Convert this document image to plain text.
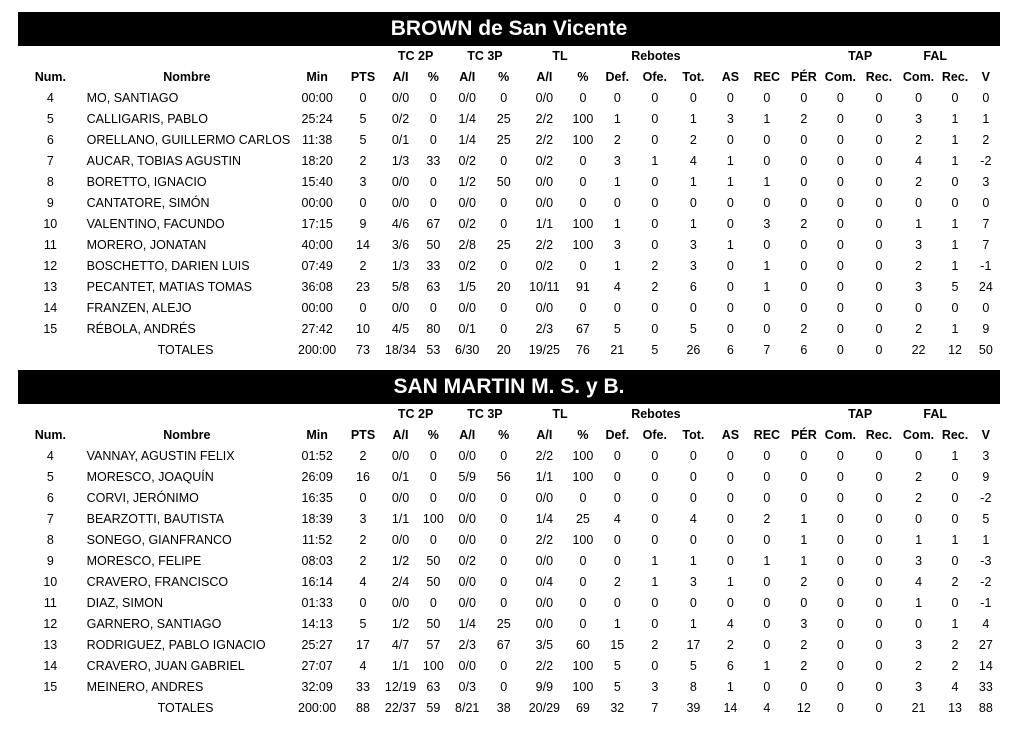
BROWN de San Vicente
				TC 2P		TC 3P		TL		Rebotes						TAP		FAL		
Num.	Nombre	Min	PTS	A/I	%	A/I	%	A/I	%	Def.	Ofe.	Tot.	AS	REC	PÉR	Com.	Rec.	Com.	Rec.	V
4	MO, SANTIAGO	00:00	0	0/0	0	0/0	0	0/0	0	0	0	0	0	0	0	0	0	0	0	0
5	CALLIGARIS, PABLO	25:24	5	0/2	0	1/4	25	2/2	100	1	0	1	3	1	2	0	0	3	1	1
6	ORELLANO, GUILLERMO CARLOS	11:38	5	0/1	0	1/4	25	2/2	100	2	0	2	0	0	0	0	0	2	1	2
7	AUCAR, TOBIAS AGUSTIN	18:20	2	1/3	33	0/2	0	0/2	0	3	1	4	1	0	0	0	0	4	1	-2
8	BORETTO, IGNACIO	15:40	3	0/0	0	1/2	50	0/0	0	1	0	1	1	1	0	0	0	2	0	3
9	CANTATORE, SIMÓN	00:00	0	0/0	0	0/0	0	0/0	0	0	0	0	0	0	0	0	0	0	0	0
10	VALENTINO, FACUNDO	17:15	9	4/6	67	0/2	0	1/1	100	1	0	1	0	3	2	0	0	1	1	7
11	MORERO, JONATAN	40:00	14	3/6	50	2/8	25	2/2	100	3	0	3	1	0	0	0	0	3	1	7
12	BOSCHETTO, DARIEN LUIS	07:49	2	1/3	33	0/2	0	0/2	0	1	2	3	0	1	0	0	0	2	1	-1
13	PECANTET, MATIAS TOMAS	36:08	23	5/8	63	1/5	20	10/11	91	4	2	6	0	1	0	0	0	3	5	24
14	FRANZEN, ALEJO	00:00	0	0/0	0	0/0	0	0/0	0	0	0	0	0	0	0	0	0	0	0	0
15	RÉBOLA, ANDRÉS	27:42	10	4/5	80	0/1	0	2/3	67	5	0	5	0	0	2	0	0	2	1	9
	TOTALES	200:00	73	18/34	53	6/30	20	19/25	76	21	5	26	6	7	6	0	0	22	12	50
SAN MARTIN M. S. y B.
				TC 2P		TC 3P		TL		Rebotes						TAP		FAL		
Num.	Nombre	Min	PTS	A/I	%	A/I	%	A/I	%	Def.	Ofe.	Tot.	AS	REC	PÉR	Com.	Rec.	Com.	Rec.	V
4	VANNAY, AGUSTIN FELIX	01:52	2	0/0	0	0/0	0	2/2	100	0	0	0	0	0	0	0	0	0	1	3
5	MORESCO, JOAQUÍN	26:09	16	0/1	0	5/9	56	1/1	100	0	0	0	0	0	0	0	0	2	0	9
6	CORVI, JERÓNIMO	16:35	0	0/0	0	0/0	0	0/0	0	0	0	0	0	0	0	0	0	2	0	-2
7	BEARZOTTI, BAUTISTA	18:39	3	1/1	100	0/0	0	1/4	25	4	0	4	0	2	1	0	0	0	0	5
8	SONEGO, GIANFRANCO	11:52	2	0/0	0	0/0	0	2/2	100	0	0	0	0	0	1	0	0	1	1	1
9	MORESCO, FELIPE	08:03	2	1/2	50	0/2	0	0/0	0	0	1	1	0	1	1	0	0	3	0	-3
10	CRAVERO, FRANCISCO	16:14	4	2/4	50	0/0	0	0/4	0	2	1	3	1	0	2	0	0	4	2	-2
11	DIAZ, SIMON	01:33	0	0/0	0	0/0	0	0/0	0	0	0	0	0	0	0	0	0	1	0	-1
12	GARNERO, SANTIAGO	14:13	5	1/2	50	1/4	25	0/0	0	1	0	1	4	0	3	0	0	0	1	4
13	RODRIGUEZ, PABLO IGNACIO	25:27	17	4/7	57	2/3	67	3/5	60	15	2	17	2	0	2	0	0	3	2	27
14	CRAVERO, JUAN GABRIEL	27:07	4	1/1	100	0/0	0	2/2	100	5	0	5	6	1	2	0	0	2	2	14
15	MEINERO, ANDRES	32:09	33	12/19	63	0/3	0	9/9	100	5	3	8	1	0	0	0	0	3	4	33
	TOTALES	200:00	88	22/37	59	8/21	38	20/29	69	32	7	39	14	4	12	0	0	21	13	88
